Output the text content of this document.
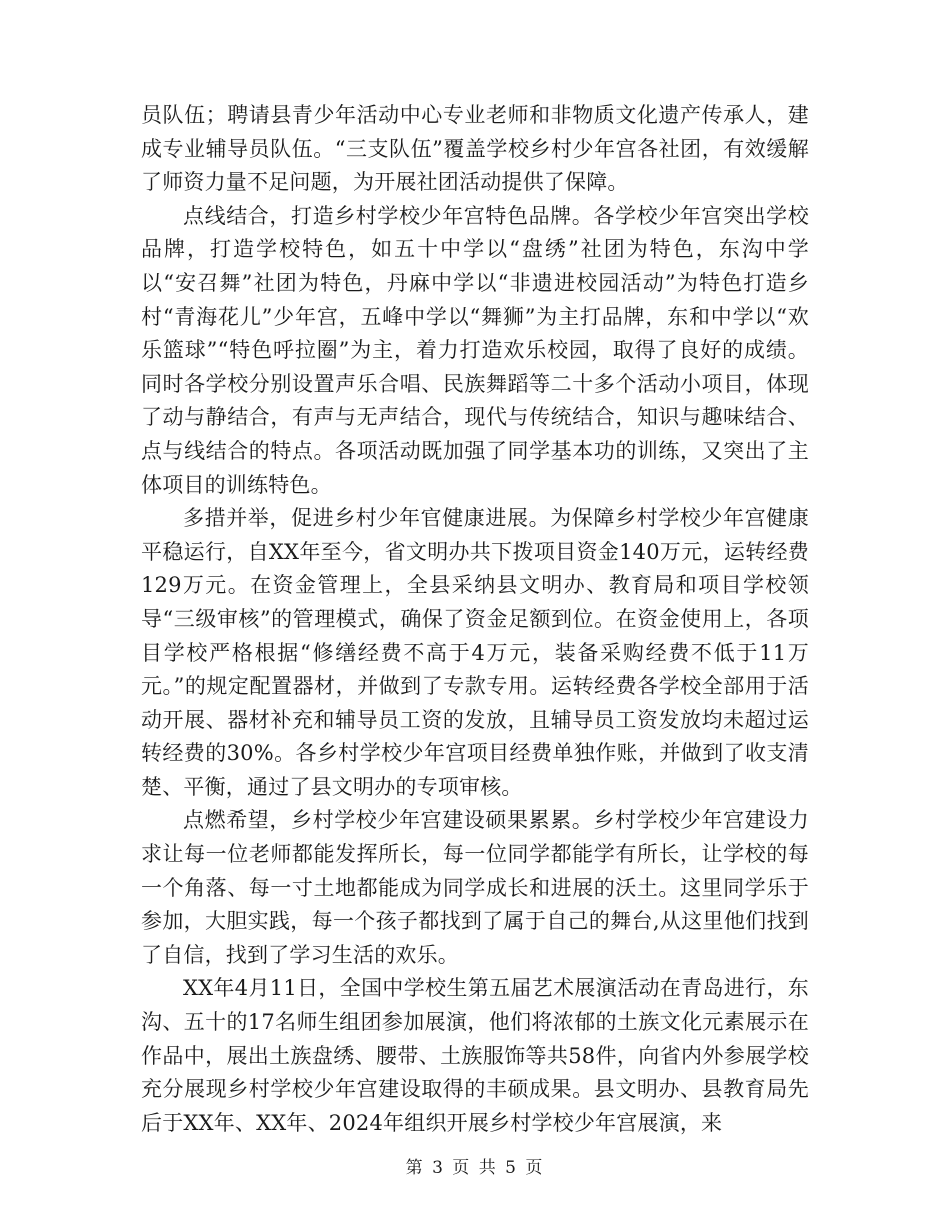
员队伍；聘请县青少年活动中心专业老师和非物质文化遗产传承人，建成专业辅导员队伍。“三支队伍”覆盖学校乡村少年宫各社团，有效缓解了师资力量不足问题，为开展社团活动提供了保障。

点线结合，打造乡村学校少年宫特色品牌。各学校少年宫突出学校品牌，打造学校特色，如五十中学以“盘绣”社团为特色，东沟中学以“安召舞”社团为特色，丹麻中学以“非遗进校园活动”为特色打造乡村“青海花儿”少年宫，五峰中学以“舞狮”为主打品牌，东和中学以“欢乐篮球”“特色呼拉圈”为主，着力打造欢乐校园，取得了良好的成绩。同时各学校分别设置声乐合唱、民族舞蹈等二十多个活动小项目，体现了动与静结合，有声与无声结合，现代与传统结合，知识与趣味结合、点与线结合的特点。各项活动既加强了同学基本功的训练，又突出了主体项目的训练特色。

多措并举，促进乡村少年官健康进展。为保障乡村学校少年宫健康平稳运行，自XX年至今，省文明办共下拨项目资金140万元，运转经费129万元。在资金管理上，全县采纳县文明办、教育局和项目学校领导“三级审核”的管理模式，确保了资金足额到位。在资金使用上，各项目学校严格根据“修缮经费不高于4万元，装备采购经费不低于11万元。”的规定配置器材，并做到了专款专用。运转经费各学校全部用于活动开展、器材补充和辅导员工资的发放，且辅导员工资发放均未超过运转经费的30%。各乡村学校少年宫项目经费单独作账，并做到了收支清楚、平衡，通过了县文明办的专项审核。

点燃希望，乡村学校少年宫建设硕果累累。乡村学校少年宫建设力求让每一位老师都能发挥所长，每一位同学都能学有所长，让学校的每一个角落、每一寸土地都能成为同学成长和进展的沃土。这里同学乐于参加，大胆实践，每一个孩子都找到了属于自己的舞台,从这里他们找到了自信，找到了学习生活的欢乐。

XX年4月11日，全国中学校生第五届艺术展演活动在青岛进行，东沟、五十的17名师生组团参加展演，他们将浓郁的土族文化元素展示在作品中，展出土族盘绣、腰带、土族服饰等共58件，向省内外参展学校充分展现乡村学校少年宫建设取得的丰硕成果。县文明办、县教育局先后于XX年、XX年、2024年组织开展乡村学校少年宫展演，来

第 3 页 共 5 页
